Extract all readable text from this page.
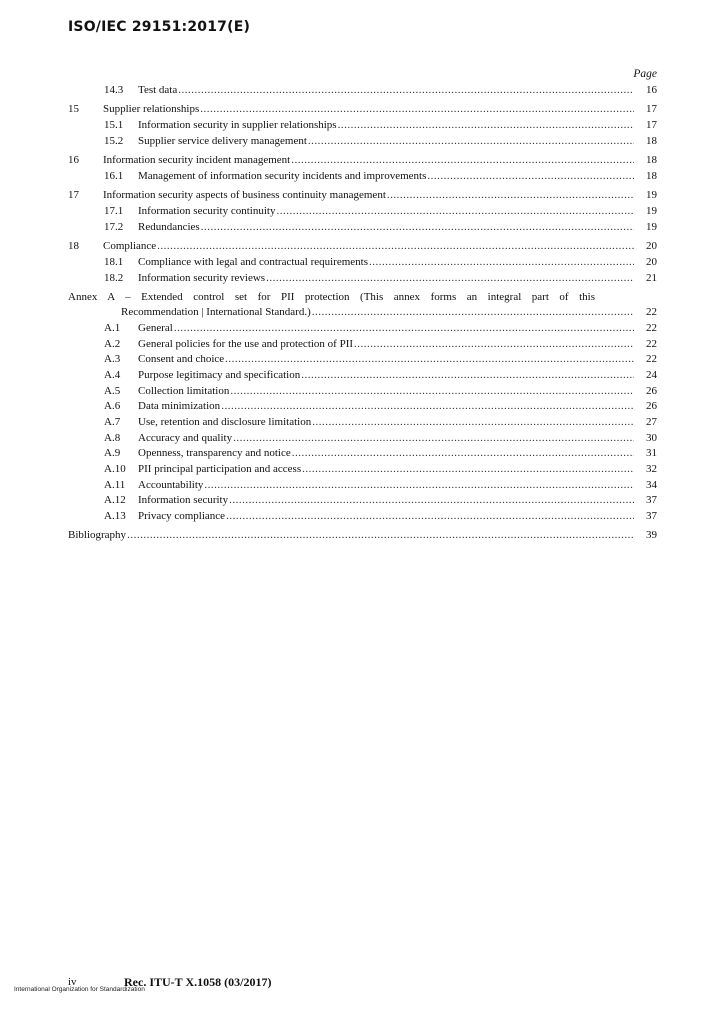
ISO/IEC 29151:2017(E)
Page
14.3 Test data .....	16
15 Supplier relationships .....	17
15.1 Information security in supplier relationships .....	17
15.2 Supplier service delivery management .....	18
16 Information security incident management .....	18
16.1 Management of information security incidents and improvements .....	18
17 Information security aspects of business continuity management .....	19
17.1 Information security continuity .....	19
17.2 Redundancies .....	19
18 Compliance .....	20
18.1 Compliance with legal and contractual requirements .....	20
18.2 Information security reviews .....	21
Annex A – Extended control set for PII protection (This annex forms an integral part of this
Recommendation | International Standard.) .....	22
A.1 General .....	22
A.2 General policies for the use and protection of PII .....	22
A.3 Consent and choice .....	22
A.4 Purpose legitimacy and specification .....	24
A.5 Collection limitation .....	26
A.6 Data minimization .....	26
A.7 Use, retention and disclosure limitation .....	27
A.8 Accuracy and quality .....	30
A.9 Openness, transparency and notice .....	31
A.10 PII principal participation and access .....	32
A.11 Accountability .....	34
A.12 Information security .....	37
A.13 Privacy compliance .....	37
Bibliography .....	39
iv	Rec. ITU-T X.1058 (03/2017)
International Organization for Standardization
